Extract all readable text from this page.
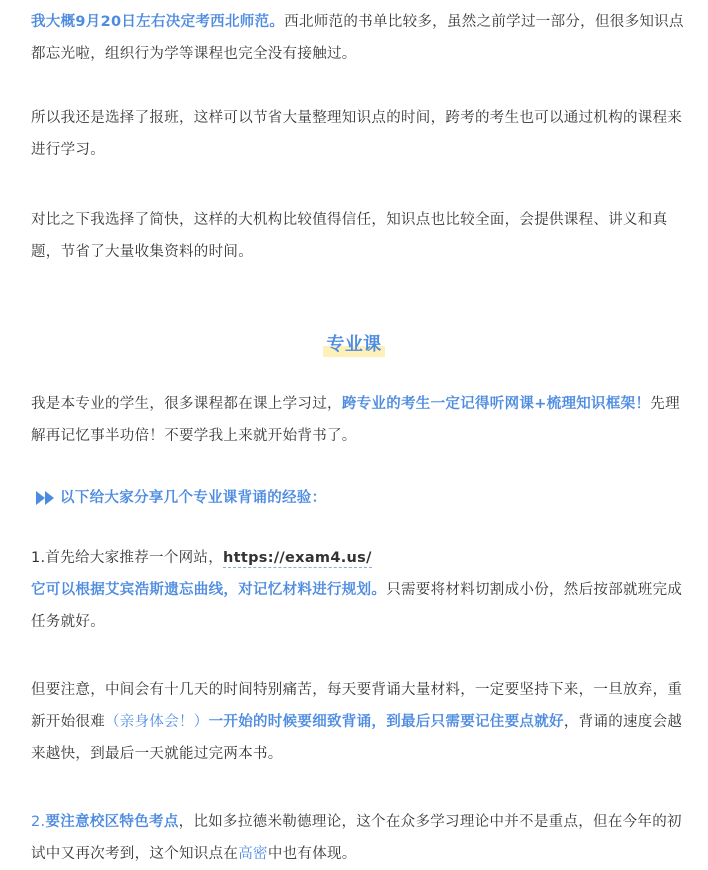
我大概9月20日左右决定考西北师范。西北师范的书单比较多，虽然之前学过一部分，但很多知识点都忘光啦，组织行为学等课程也完全没有接触过。

所以我还是选择了报班，这样可以节省大量整理知识点的时间，跨考的考生也可以通过机构的课程来进行学习。

对比之下我选择了简快，这样的大机构比较值得信任，知识点也比较全面，会提供课程、讲义和真题，节省了大量收集资料的时间。

专业课

我是本专业的学生，很多课程都在课上学习过，跨专业的考生一定记得听网课+梳理知识框架！先理解再记忆事半功倍！不要学我上来就开始背书了。

以下给大家分享几个专业课背诵的经验：

1.首先给大家推荐一个网站，https://exam4.us/
它可以根据艾宾浩斯遗忘曲线，对记忆材料进行规划。只需要将材料切割成小份，然后按部就班完成任务就好。

但要注意，中间会有十几天的时间特别痛苦，每天要背诵大量材料，一定要坚持下来，一旦放弃，重新开始很难（亲身体会！）一开始的时候要细致背诵，到最后只需要记住要点就好，背诵的速度会越来越快，到最后一天就能过完两本书。

2.要注意校区特色考点，比如多拉德米勒德理论，这个在众多学习理论中并不是重点，但在今年的初试中又再次考到，这个知识点在高密中也有体现。
